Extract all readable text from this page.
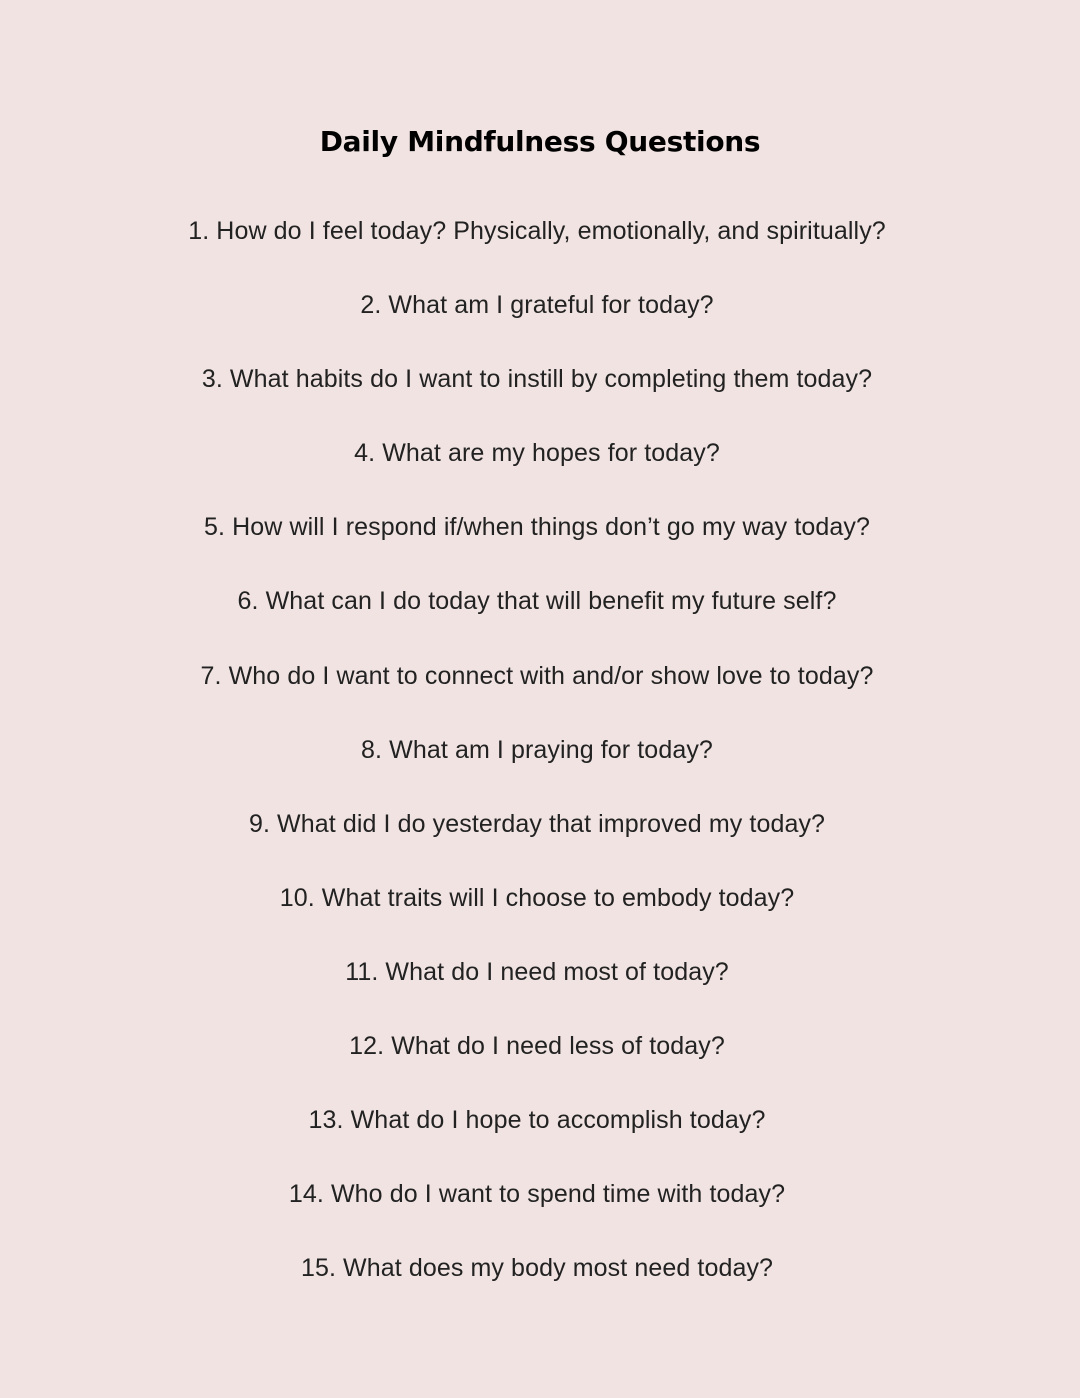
Daily Mindfulness Questions
1. How do I feel today? Physically, emotionally, and spiritually?
2. What am I grateful for today?
3. What habits do I want to instill by completing them today?
4. What are my hopes for today?
5. How will I respond if/when things don’t go my way today?
6. What can I do today that will benefit my future self?
7. Who do I want to connect with and/or show love to today?
8. What am I praying for today?
9. What did I do yesterday that improved my today?
10. What traits will I choose to embody today?
11. What do I need most of today?
12. What do I need less of today?
13. What do I hope to accomplish today?
14. Who do I want to spend time with today?
15. What does my body most need today?
